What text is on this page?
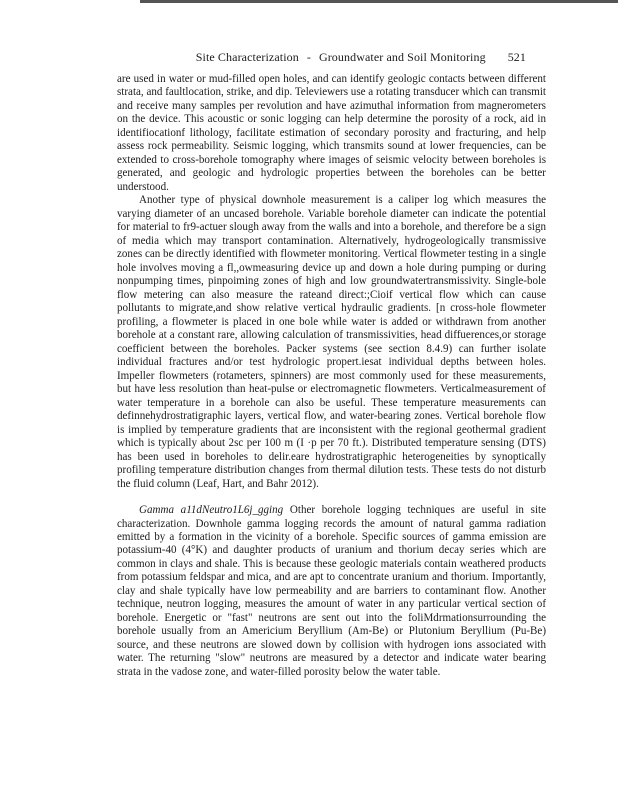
Site Characterization - Groundwater and Soil Monitoring 521

are used in water or mud-filled open holes, and can identify geologic contacts between different strata, and faultlocation, strike, and dip. Televiewers use a rotating transducer which can transmit and receive many samples per revolution and have azimuthal information from magnerometers on the device. This acoustic or sonic logging can help determine the porosity of a rock, aid in identifiocationf lithology, facilitate estimation of secondary porosity and fracturing, and help assess rock permeability. Seismic logging, which transmits sound at lower frequencies, can be extended to cross-borehole tomography where images of seismic velocity between boreholes is generated, and geologic and hydrologic properties between the boreholes can be better understood.

Another type of physical downhole measurement is a caliper log which measures the varying diameter of an uncased borehole. Variable borehole diameter can indicate the potential for material to fr9-actuer slough away from the walls and into a borehole, and therefore be a sign of media which may transport contamination. Alternatively, hydrogeologically transmissive zones can be directly identified with flowmeter monitoring. Vertical flowmeter testing in a single hole involves moving a fl,,owmeasuring device up and down a hole during pumping or during nonpumping times, pinpoiming zones of high and low groundwatertransmissivity. Single-bole flow metering can also measure the rateand direct:;Cioif vertical flow which can cause pollutants to migrate,and show relative vertical hydraulic gradients. [n cross-hole flowmeter profiling, a flowmeter is placed in one bole while water is added or withdrawn from another borehole at a constant rare, allowing calculation of transmissivities, head diffuerences,or storage coefficient between the boreholes. Packer systems (see section 8.4.9) can further isolate individual fractures and/or test hydrologic propert.iesat individual depths between holes. Impeller flowmeters (rotameters, spinners) are most commonly used for these measurements, but have less resolution than heat-pulse or electromagnetic flowmeters. Verticalmeasurement of water temperature in a borehole can also be useful. These temperature measurements can definnehydrostratigraphic layers, vertical flow, and water-bearing zones. Vertical borehole flow is implied by temperature gradients that are inconsistent with the regional geothermal gradient which is typically about 2sc per 100 m (I ·p per 70 ft.). Distributed temperature sensing (DTS) has been used in boreholes to delir.eare hydrostratigraphic heterogeneities by synoptically profiling temperature distribution changes from thermal dilution tests. These tests do not disturb the fluid column (Leaf, Hart, and Bahr 2012).

Gamma a11dNeutro1L6j_gging Other borehole logging techniques are useful in site characterization. Downhole gamma logging records the amount of natural gamma radiation emitted by a formation in the vicinity of a borehole. Specific sources of gamma emission are potassium-40 (4°K) and daughter products of uranium and thorium decay series which are common in clays and shale. This is because these geologic materials contain weathered products from potassium feldspar and mica, and are apt to concentrate uranium and thorium. Importantly, clay and shale typically have low permeability and are barriers to contaminant flow. Another technique, neutron logging, measures the amount of water in any particular vertical section of borehole. Energetic or "fast" neutrons are sent out into the foliMdrmationsurrounding the borehole usually from an Americium Beryllium (Am-Be) or Plutonium Beryllium (Pu-Be) source, and these neutrons are slowed down by collision with hydrogen ions associated with water. The returning "slow" neutrons are measured by a detector and indicate water bearing strata in the vadose zone, and water-filled porosity below the water table.
